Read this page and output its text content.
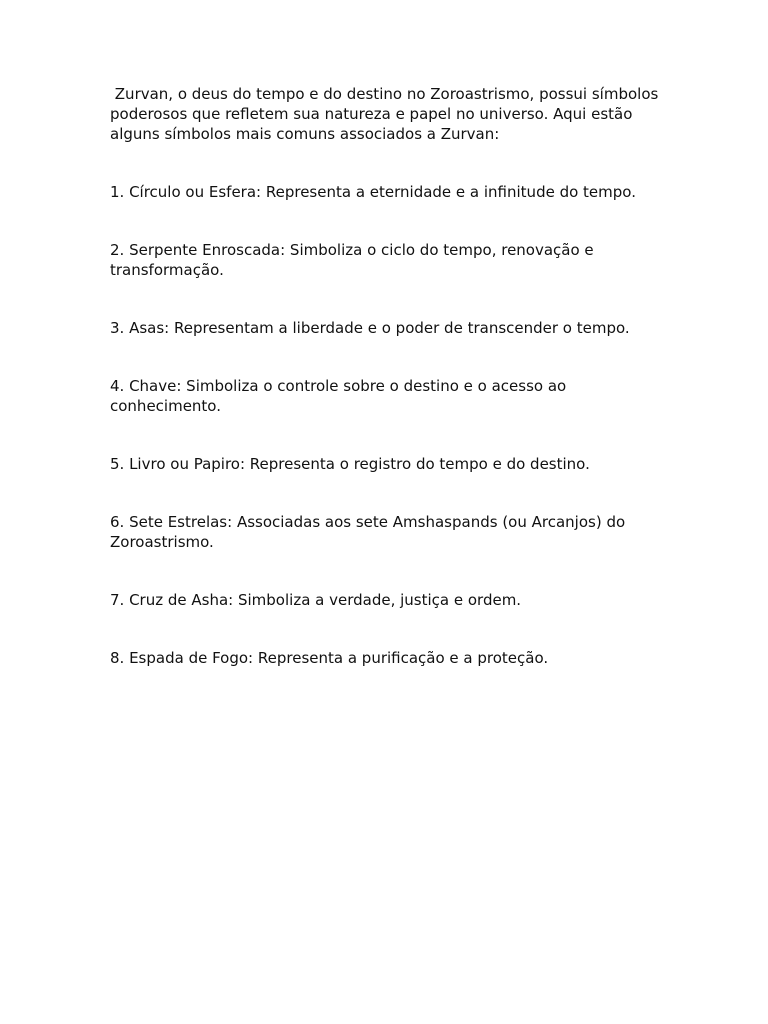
Zurvan, o deus do tempo e do destino no Zoroastrismo, possui símbolos poderosos que refletem sua natureza e papel no universo. Aqui estão alguns símbolos mais comuns associados a Zurvan:

1. Círculo ou Esfera: Representa a eternidade e a infinitude do tempo.
2. Serpente Enroscada: Simboliza o ciclo do tempo, renovação e transformação.
3. Asas: Representam a liberdade e o poder de transcender o tempo.
4. Chave: Simboliza o controle sobre o destino e o acesso ao conhecimento.
5. Livro ou Papiro: Representa o registro do tempo e do destino.
6. Sete Estrelas: Associadas aos sete Amshaspands (ou Arcanjos) do Zoroastrismo.
7. Cruz de Asha: Simboliza a verdade, justiça e ordem.
8. Espada de Fogo: Representa a purificação e a proteção.
